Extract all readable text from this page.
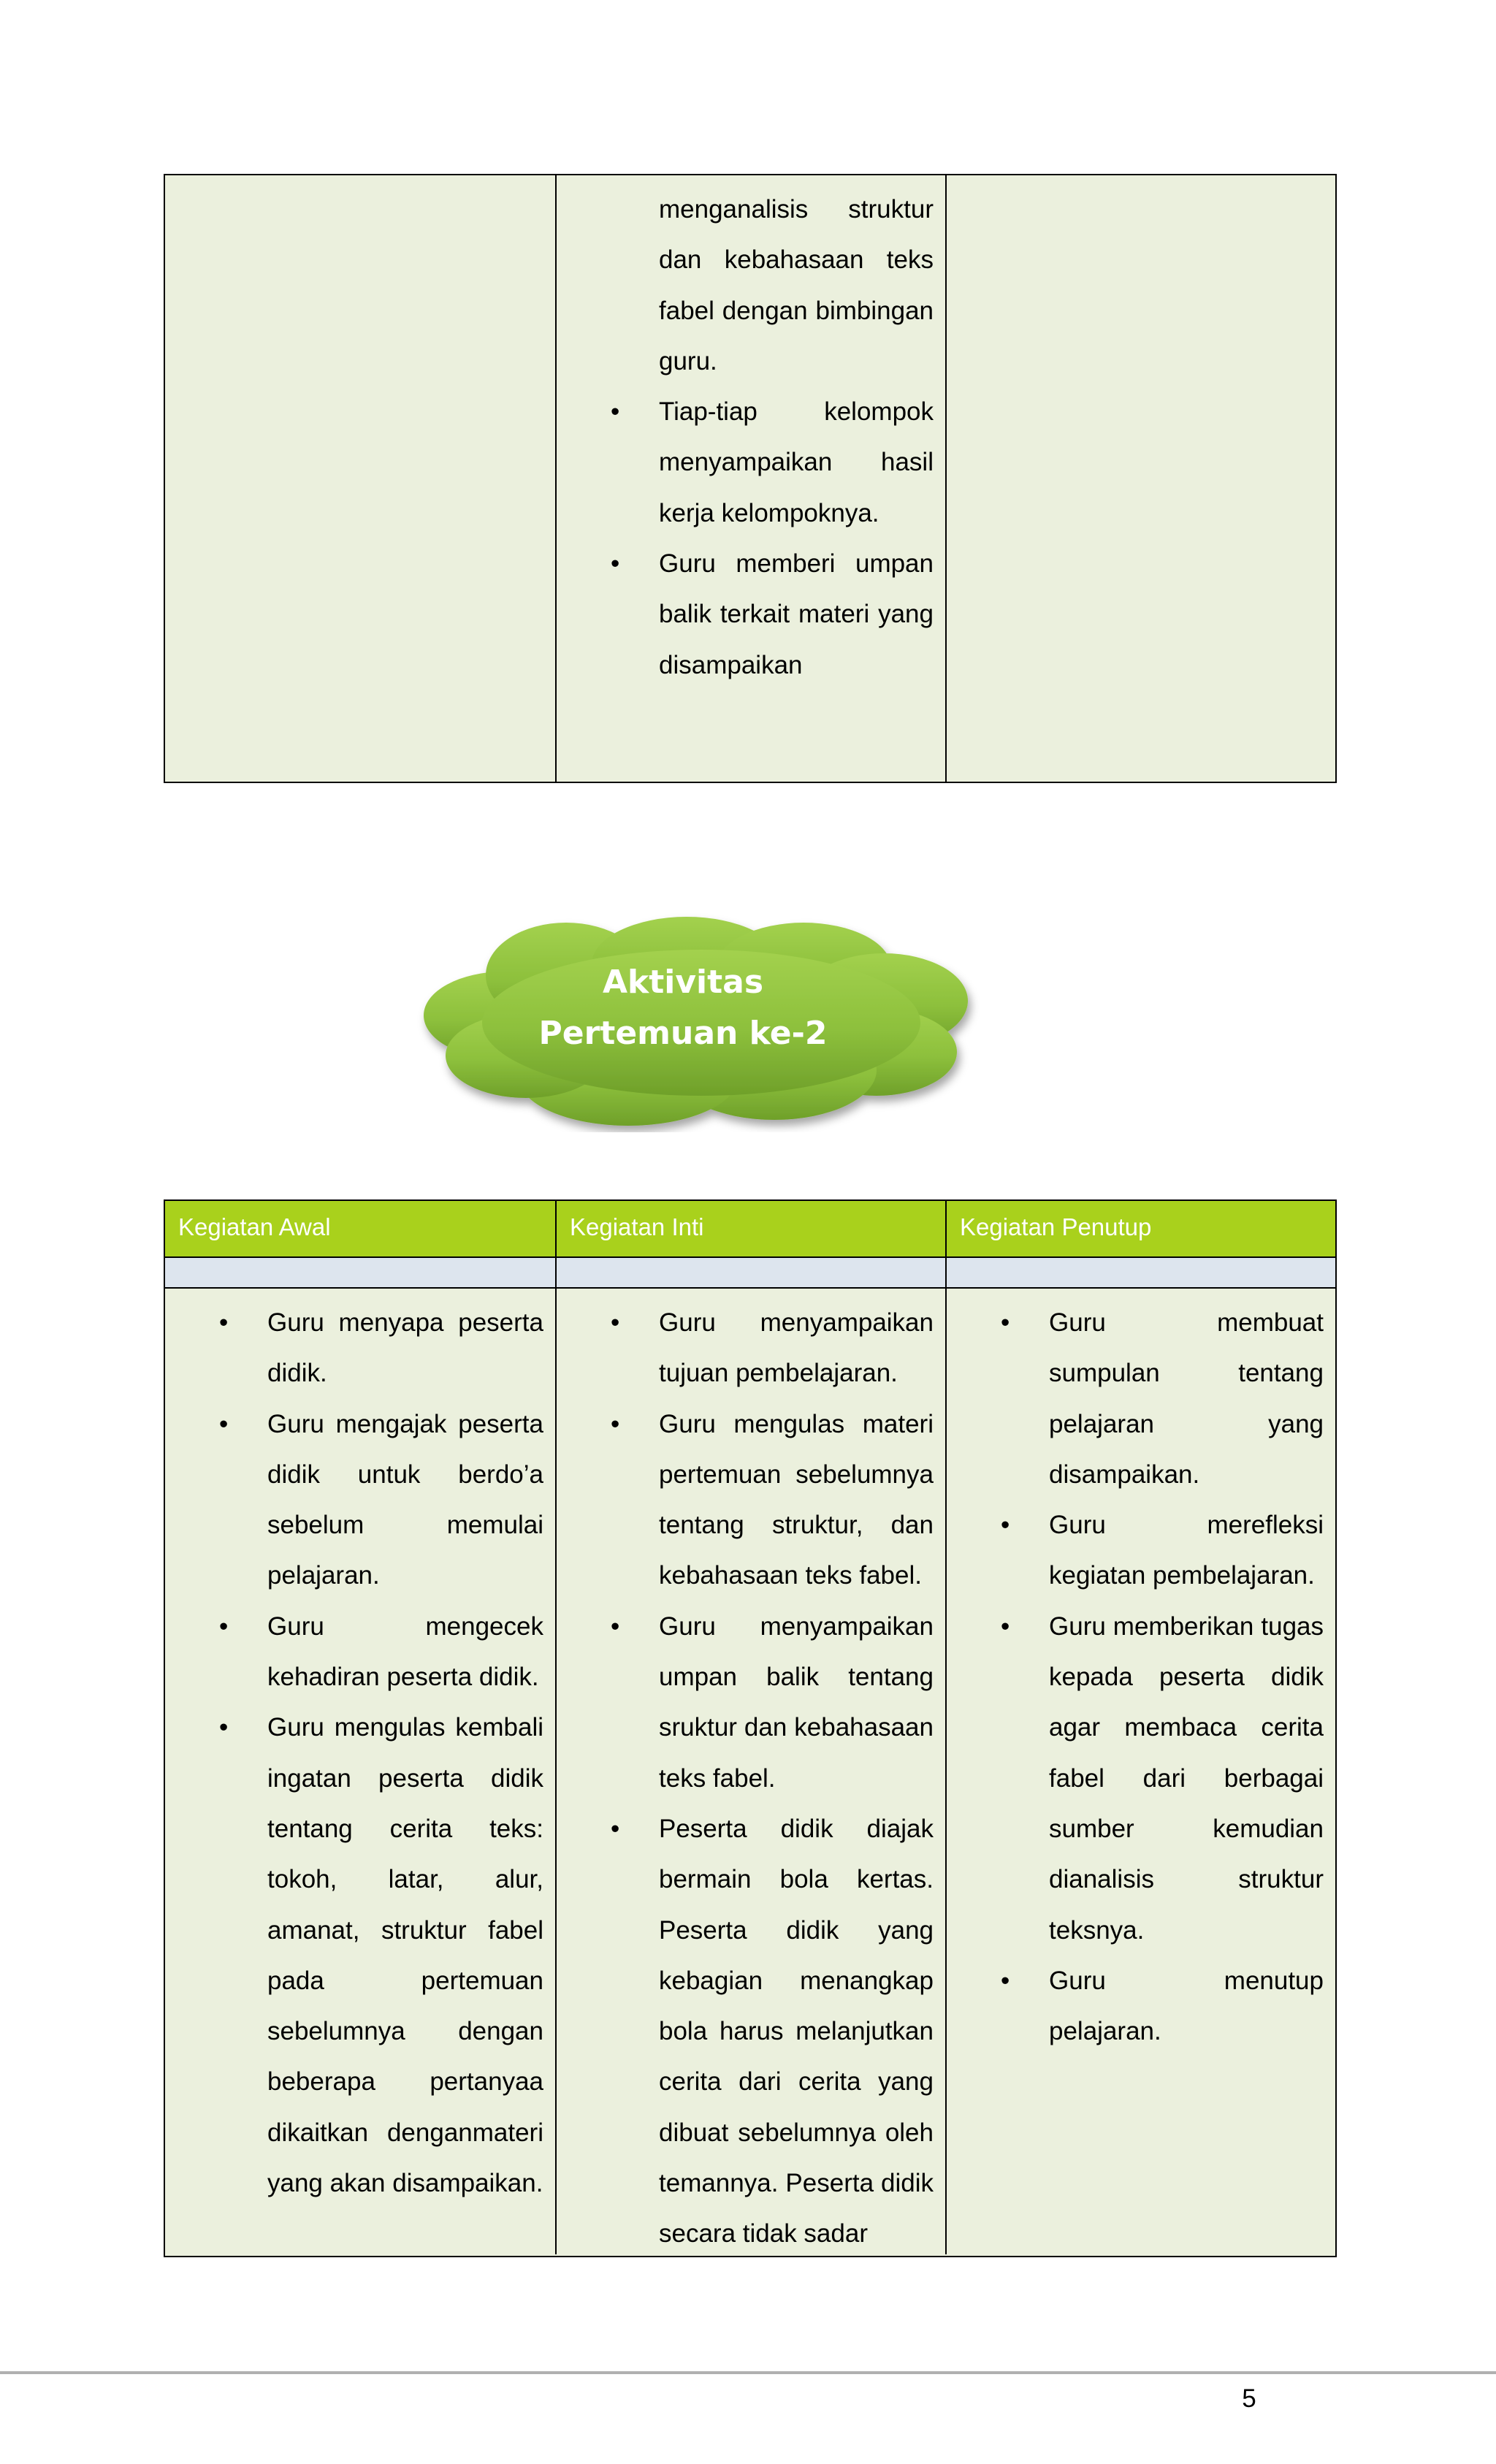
menganalisis struktur dan kebahasaan teks fabel dengan bimbingan guru.

• Tiap-tiap kelompok menyampaikan hasil kerja kelompoknya.
• Guru memberi umpan balik terkait materi yang disampaikan
Aktivitas
Pertemuan ke-2
Kegiatan Awal	Kegiatan Inti	Kegiatan Penutup
• Guru menyapa peserta didik.
• Guru mengajak peserta didik untuk berdo’a sebelum memulai pelajaran.
• Guru mengecek kehadiran peserta didik.
• Guru mengulas kembali ingatan peserta didik tentang cerita teks: tokoh, latar, alur, amanat, struktur fabel pada pertemuan sebelumnya dengan beberapa pertanyaa dikaitkan denganmateri yang akan disampaikan.
• Guru menyampaikan tujuan pembelajaran.
• Guru mengulas materi pertemuan sebelumnya tentang struktur, dan kebahasaan teks fabel.
• Guru menyampaikan umpan balik tentang sruktur dan kebahasaan teks fabel.
• Peserta didik diajak bermain bola kertas. Peserta didik yang kebagian menangkap bola harus melanjutkan cerita dari cerita yang dibuat sebelumnya oleh temannya. Peserta didik secara tidak sadar
• Guru membuat sumpulan tentang pelajaran yang disampaikan.
• Guru merefleksi kegiatan pembelajaran.
• Guru memberikan tugas kepada peserta didik agar membaca cerita fabel dari berbagai sumber kemudian dianalisis struktur teksnya.
• Guru menutup pelajaran.
5
